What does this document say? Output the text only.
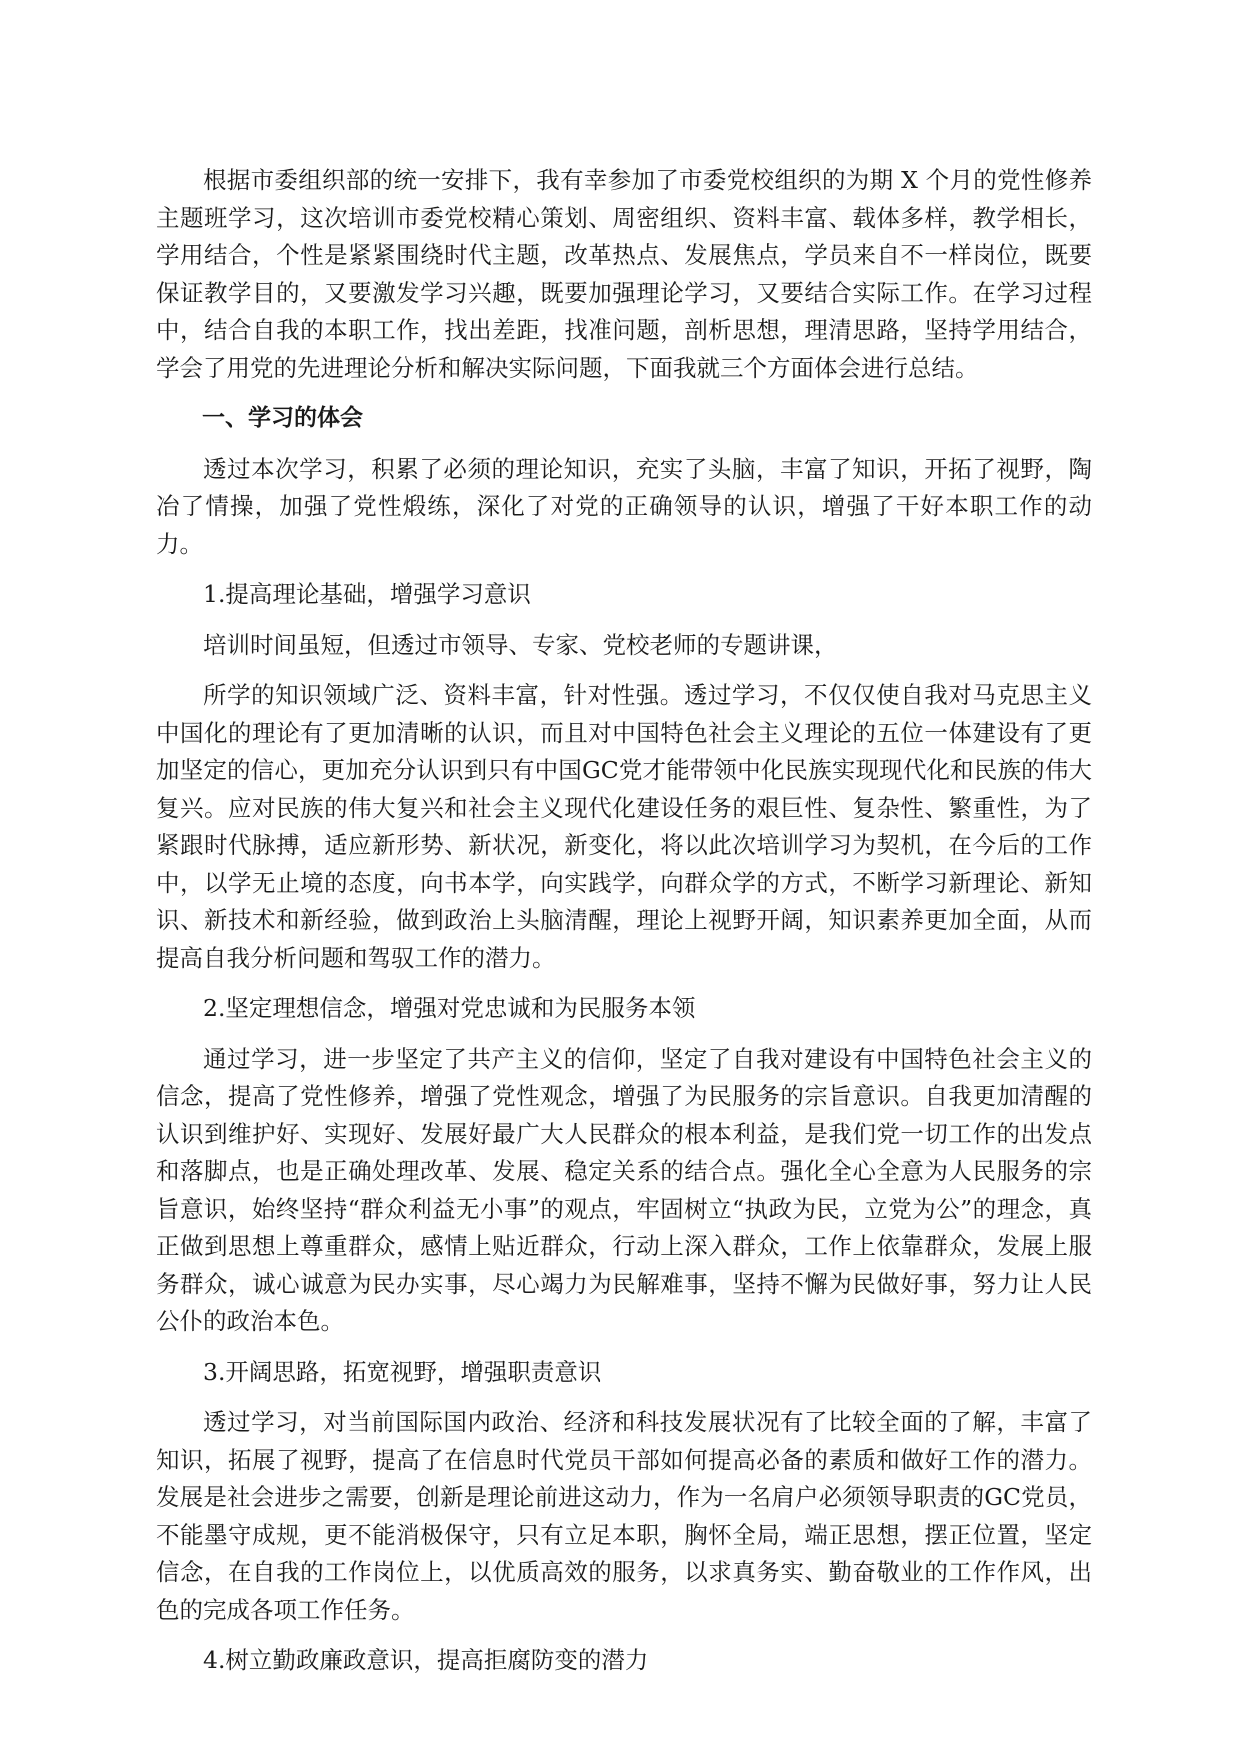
根据市委组织部的统一安排下，我有幸参加了市委党校组织的为期 X 个月的党性修养主题班学习，这次培训市委党校精心策划、周密组织、资料丰富、载体多样，教学相长，学用结合，个性是紧紧围绕时代主题，改革热点、发展焦点，学员来自不一样岗位，既要保证教学目的，又要激发学习兴趣，既要加强理论学习，又要结合实际工作。在学习过程中，结合自我的本职工作，找出差距，找准问题，剖析思想，理清思路，坚持学用结合，学会了用党的先进理论分析和解决实际问题，下面我就三个方面体会进行总结。

一、学习的体会

透过本次学习，积累了必须的理论知识，充实了头脑，丰富了知识，开拓了视野，陶冶了情操，加强了党性煅练，深化了对党的正确领导的认识，增强了干好本职工作的动力。

1.提高理论基础，增强学习意识

培训时间虽短，但透过市领导、专家、党校老师的专题讲课，

所学的知识领域广泛、资料丰富，针对性强。透过学习，不仅仅使自我对马克思主义中国化的理论有了更加清晰的认识，而且对中国特色社会主义理论的五位一体建设有了更加坚定的信心，更加充分认识到只有中国GC党才能带领中化民族实现现代化和民族的伟大复兴。应对民族的伟大复兴和社会主义现代化建设任务的艰巨性、复杂性、繁重性，为了紧跟时代脉搏，适应新形势、新状况，新变化，将以此次培训学习为契机，在今后的工作中，以学无止境的态度，向书本学，向实践学，向群众学的方式，不断学习新理论、新知识、新技术和新经验，做到政治上头脑清醒，理论上视野开阔，知识素养更加全面，从而提高自我分析问题和驾驭工作的潜力。

2.坚定理想信念，增强对党忠诚和为民服务本领

通过学习，进一步坚定了共产主义的信仰，坚定了自我对建设有中国特色社会主义的信念，提高了党性修养，增强了党性观念，增强了为民服务的宗旨意识。自我更加清醒的认识到维护好、实现好、发展好最广大人民群众的根本利益，是我们党一切工作的出发点和落脚点，也是正确处理改革、发展、稳定关系的结合点。强化全心全意为人民服务的宗旨意识，始终坚持“群众利益无小事”的观点，牢固树立“执政为民，立党为公”的理念，真正做到思想上尊重群众，感情上贴近群众，行动上深入群众，工作上依靠群众，发展上服务群众，诚心诚意为民办实事，尽心竭力为民解难事，坚持不懈为民做好事，努力让人民公仆的政治本色。

3.开阔思路，拓宽视野，增强职责意识

透过学习，对当前国际国内政治、经济和科技发展状况有了比较全面的了解，丰富了知识，拓展了视野，提高了在信息时代党员干部如何提高必备的素质和做好工作的潜力。发展是社会进步之需要，创新是理论前进这动力，作为一名肩户必须领导职责的GC党员，不能墨守成规，更不能消极保守，只有立足本职，胸怀全局，端正思想，摆正位置，坚定信念，在自我的工作岗位上，以优质高效的服务，以求真务实、勤奋敬业的工作作风，出色的完成各项工作任务。

4.树立勤政廉政意识，提高拒腐防变的潜力
